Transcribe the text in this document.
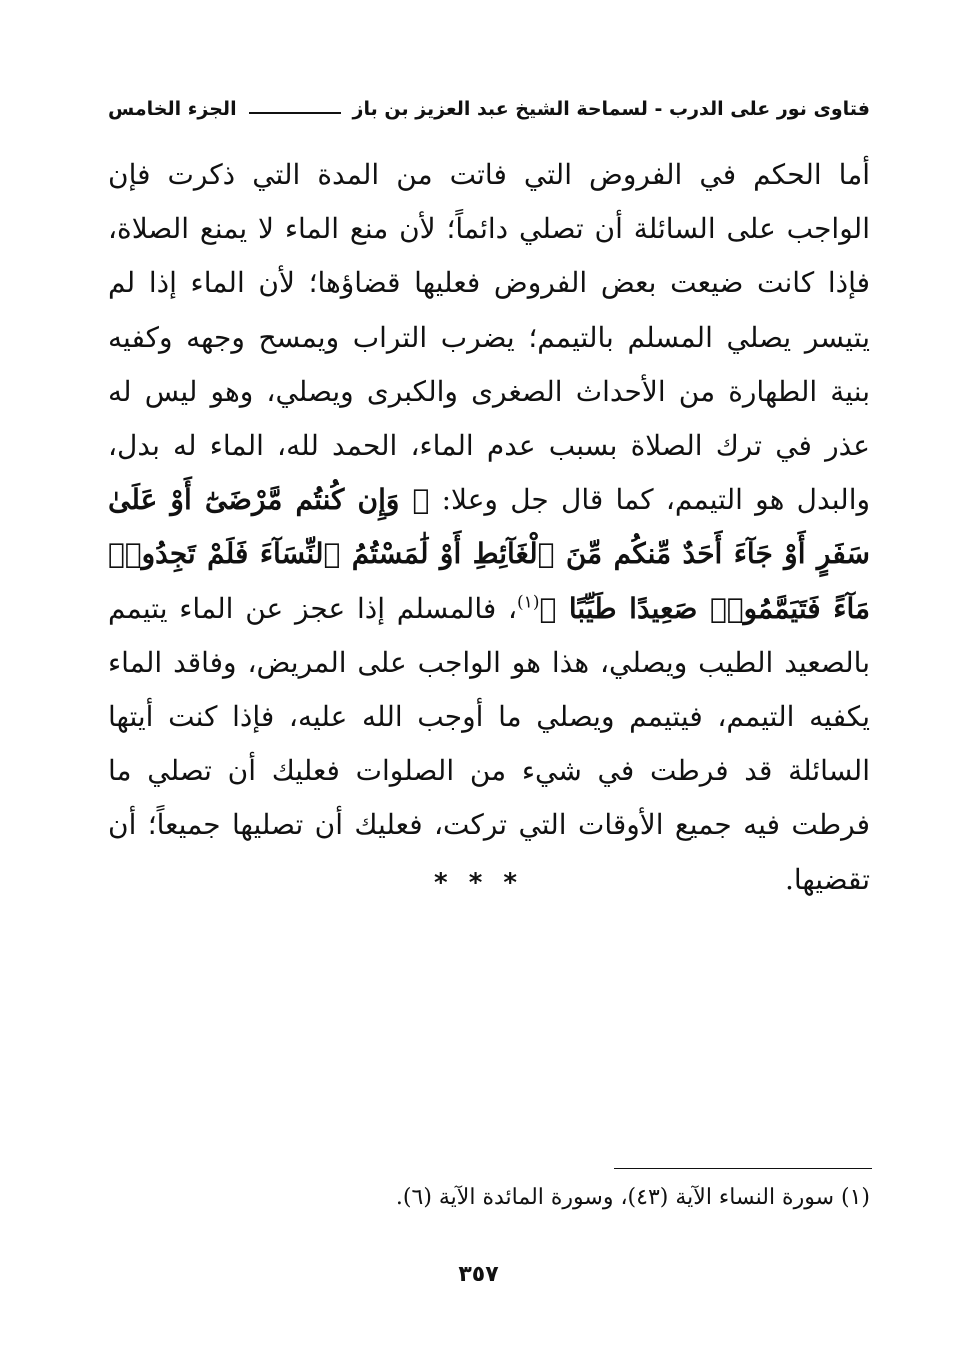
فتاوى نور على الدرب - لسماحة الشيخ عبد العزيز بن باز
الجزء الخامس

أما الحكم في الفروض التي فاتت من المدة التي ذكرت فإن الواجب على السائلة أن تصلي دائماً؛ لأن منع الماء لا يمنع الصلاة، فإذا كانت ضيعت بعض الفروض فعليها قضاؤها؛ لأن الماء إذا لم يتيسر يصلي المسلم بالتيمم؛ يضرب التراب ويمسح وجهه وكفيه بنية الطهارة من الأحداث الصغرى والكبرى ويصلي، وهو ليس له عذر في ترك الصلاة بسبب عدم الماء، الحمد لله، الماء له بدل، والبدل هو التيمم، كما قال جل وعلا: ﴿ وَإِن كُنتُم مَّرْضَىٰٓ أَوْ عَلَىٰ سَفَرٍ أَوْ جَآءَ أَحَدٌ مِّنكُم مِّنَ ٱلْغَآئِطِ أَوْ لَٰمَسْتُمُ ٱلنِّسَآءَ فَلَمْ تَجِدُوا۟ مَآءً فَتَيَمَّمُوا۟ صَعِيدًا طَيِّبًا ﴾$^{(١)}$، فالمسلم إذا عجز عن الماء يتيمم بالصعيد الطيب ويصلي، هذا هو الواجب على المريض، وفاقد الماء يكفيه التيمم، فيتيمم ويصلي ما أوجب الله عليه، فإذا كنت أيتها السائلة قد فرطت في شيء من الصلوات فعليك أن تصلي ما فرطت فيه جميع الأوقات التي تركت، فعليك أن تصليها جميعاً؛ أن تقضيها.

* * *
(١) سورة النساء الآية (٤٣)، وسورة المائدة الآية (٦).
٣٥٧
